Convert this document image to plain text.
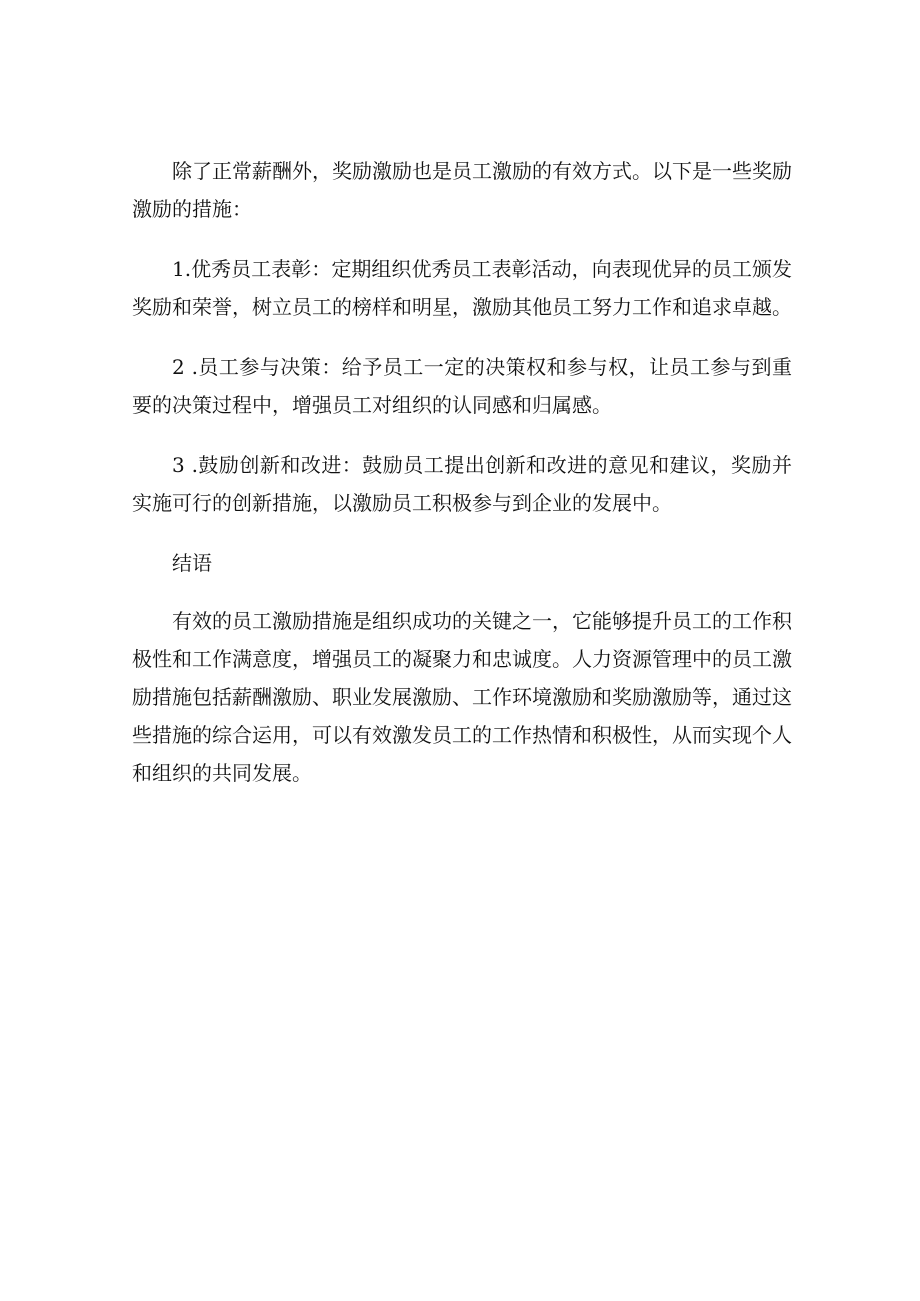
除了正常薪酬外，奖励激励也是员工激励的有效方式。以下是一些奖励激励的措施：

1.优秀员工表彰：定期组织优秀员工表彰活动，向表现优异的员工颁发奖励和荣誉，树立员工的榜样和明星，激励其他员工努力工作和追求卓越。

2 .员工参与决策：给予员工一定的决策权和参与权，让员工参与到重要的决策过程中，增强员工对组织的认同感和归属感。

3 .鼓励创新和改进：鼓励员工提出创新和改进的意见和建议，奖励并实施可行的创新措施，以激励员工积极参与到企业的发展中。

结语

有效的员工激励措施是组织成功的关键之一，它能够提升员工的工作积极性和工作满意度，增强员工的凝聚力和忠诚度。人力资源管理中的员工激励措施包括薪酬激励、职业发展激励、工作环境激励和奖励激励等，通过这些措施的综合运用，可以有效激发员工的工作热情和积极性，从而实现个人和组织的共同发展。
